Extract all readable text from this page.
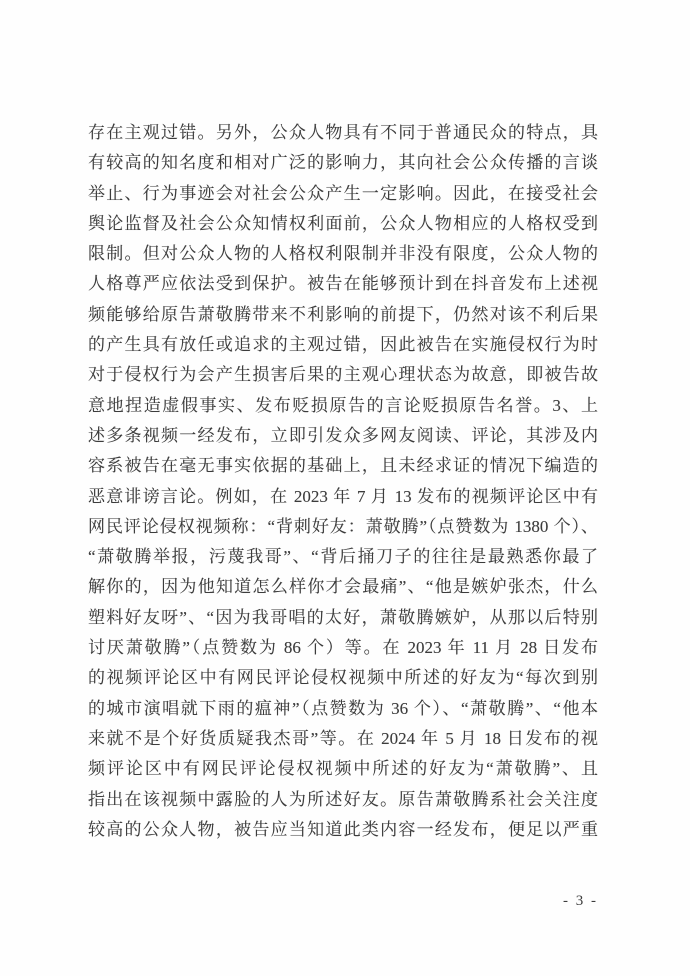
存在主观过错。另外，公众人物具有不同于普通民众的特点，具
有较高的知名度和相对广泛的影响力，其向社会公众传播的言谈
举止、行为事迹会对社会公众产生一定影响。因此，在接受社会
舆论监督及社会公众知情权利面前，公众人物相应的人格权受到
限制。但对公众人物的人格权利限制并非没有限度，公众人物的
人格尊严应依法受到保护。被告在能够预计到在抖音发布上述视
频能够给原告萧敬腾带来不利影响的前提下，仍然对该不利后果
的产生具有放任或追求的主观过错，因此被告在实施侵权行为时
对于侵权行为会产生损害后果的主观心理状态为故意，即被告故
意地捏造虚假事实、发布贬损原告的言论贬损原告名誉。3、上
述多条视频一经发布，立即引发众多网友阅读、评论，其涉及内
容系被告在毫无事实依据的基础上，且未经求证的情况下编造的
恶意诽谤言论。例如，在 2023 年 7 月 13 发布的视频评论区中有
网民评论侵权视频称：“背刺好友：萧敬腾”（点赞数为 1380 个）、
“萧敬腾举报，污蔑我哥”、“背后捅刀子的往往是最熟悉你最了
解你的，因为他知道怎么样你才会最痛”、“他是嫉妒张杰，什么
塑料好友呀”、“因为我哥唱的太好，萧敬腾嫉妒，从那以后特别
讨厌萧敬腾”（点赞数为 86 个）等。在 2023 年 11 月 28 日发布
的视频评论区中有网民评论侵权视频中所述的好友为“每次到别
的城市演唱就下雨的瘟神”（点赞数为 36 个）、“萧敬腾”、“他本
来就不是个好货质疑我杰哥”等。在 2024 年 5 月 18 日发布的视
频评论区中有网民评论侵权视频中所述的好友为“萧敬腾”、且
指出在该视频中露脸的人为所述好友。原告萧敬腾系社会关注度
较高的公众人物，被告应当知道此类内容一经发布，便足以严重
- 3 -
